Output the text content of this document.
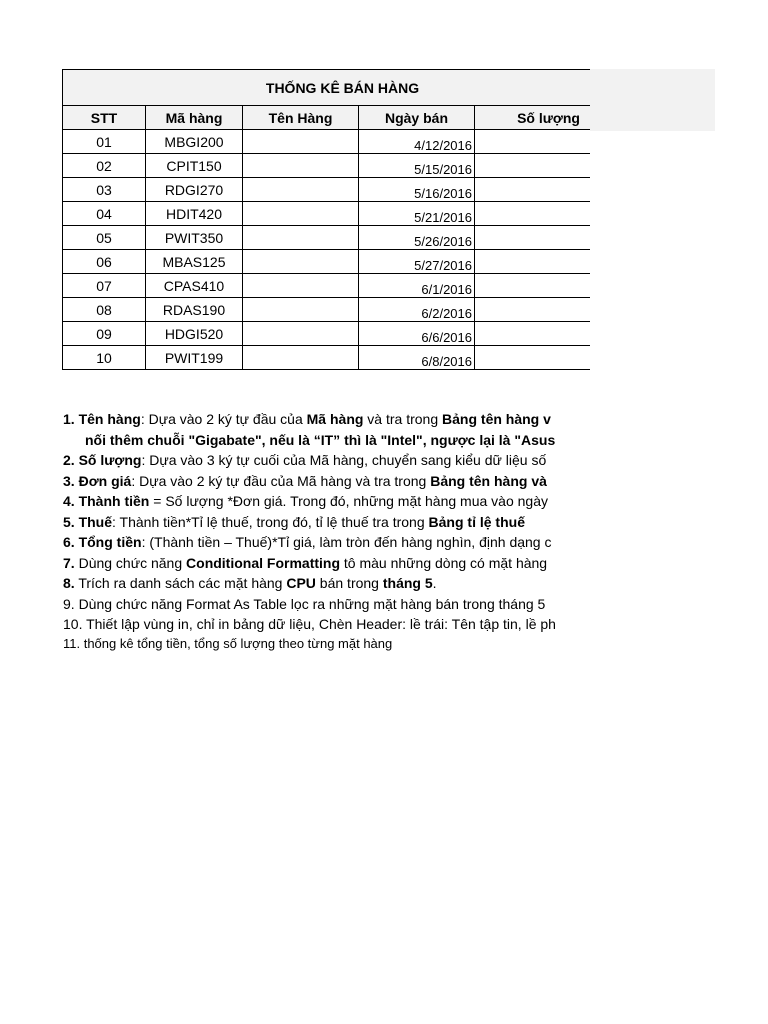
THỐNG KÊ BÁN HÀNG				
STT	Mã hàng	Tên Hàng	Ngày bán	Số lượng
01	MBGI200		4/12/2016	
02	CPIT150		5/15/2016	
03	RDGI270		5/16/2016	
04	HDIT420		5/21/2016	
05	PWIT350		5/26/2016	
06	MBAS125		5/27/2016	
07	CPAS410		6/1/2016	
08	RDAS190		6/2/2016	
09	HDGI520		6/6/2016	
10	PWIT199		6/8/2016	
1. Tên hàng: Dựa vào 2 ký tự đầu của Mã hàng và tra trong Bảng tên hàng v
nối thêm chuỗi "Gigabate", nếu là “IT” thì là "Intel", ngược lại là "Asus
2. Số lượng: Dựa vào 3 ký tự cuối của Mã hàng, chuyển sang kiểu dữ liệu số
3. Đơn giá: Dựa vào 2 ký tự đầu của Mã hàng và tra trong Bảng tên hàng và
4. Thành tiền = Số lượng *Đơn giá. Trong đó, những mặt hàng mua vào ngày
5. Thuế: Thành tiền*Tỉ lệ thuế, trong đó, tỉ lệ thuế tra trong Bảng tỉ lệ thuế
6. Tổng tiền: (Thành tiền – Thuế)*Tỉ giá, làm tròn đến hàng nghìn, định dạng c
7. Dùng chức năng Conditional Formatting tô màu những dòng có mặt hàng
8. Trích ra danh sách các mặt hàng CPU bán trong tháng 5.
9. Dùng chức năng Format As Table lọc ra những mặt hàng bán trong tháng 5
10. Thiết lập vùng in, chỉ in bảng dữ liệu, Chèn Header: lề trái: Tên tập tin, lề ph
11. thống kê tổng tiền, tổng số lượng theo từng mặt hàng
